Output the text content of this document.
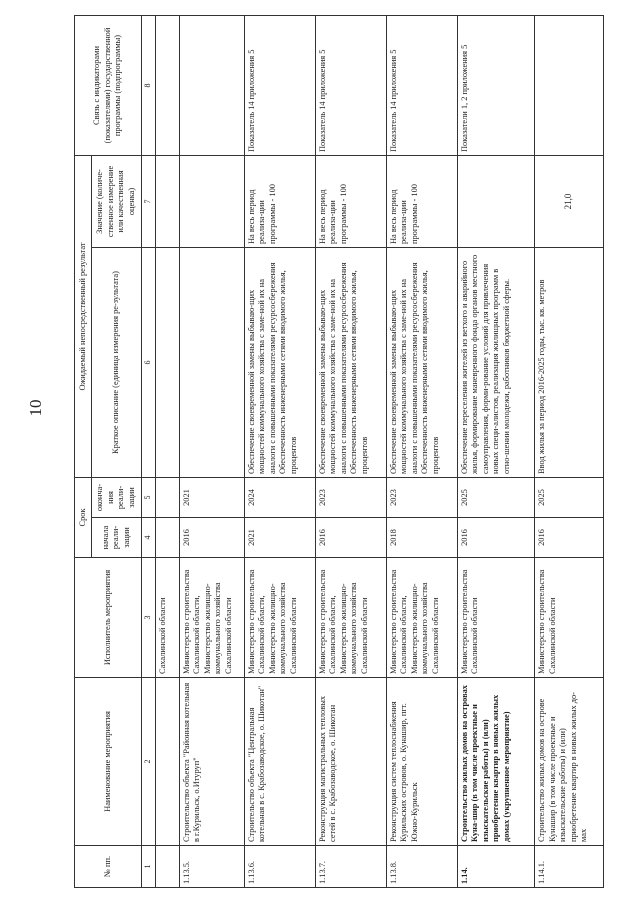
10
№ пп.	Наименование мероприятия	Исполнитель мероприятия	Срок		Ожидаемый непосредственный результат		Связь с индикаторами (показателями) государственной программы (подпрограммы)
			начала реали-зации	оконча-ния реали-зации	Краткое описание (единица измерения ре-зультата)	Значение (количе-ственное измерение или качественная оценка)	
1	2	3	4	5	6	7	8
		Сахалинской области					
1.13.5.	Строительство объекта "Районная котельная в г.Курильск, о.Итуруп"	Министерство строительства Сахалинской области, Министерство жилищно-коммунального хозяйства Сахалинской области	2016	2021			
1.13.6.	Строительство объекта "Центральная котельная в с. Крабозаводское, о. Шикотан"	Министерство строительства Сахалинской области, Министерство жилищно-коммунального хозяйства Сахалинской области	2021	2024	Обеспечение своевременной замены выбываю-щих мощностей коммунального хозяйства с заме-ной их на аналоги с повышенными показателями ресурсосбережения
Обеспеченность инженерными сетями вводимого жилья, процентов	На весь период реализа-ции программы - 100	Показатель 14 приложения 5
1.13.7.	Реконструкция магистральных тепловых сетей в с. Крабозаводское, о. Шикотан	Министерство строительства Сахалинской области, Министерство жилищно-коммунального хозяйства Сахалинской области	2016	2023	Обеспечение своевременной замены выбываю-щих мощностей коммунального хозяйства с заме-ной их на аналоги с повышенными показателями ресурсосбережения
Обеспеченность инженерными сетями вводимого жилья, процентов	На весь период реализа-ции программы - 100	Показатель 14 приложения 5
1.13.8.	Реконструкция систем теплоснабжения Курильских островов, о. Кунашир, пгт. Южно-Курильск	Министерство строительства Сахалинской области, Министерство жилищно-коммунального хозяйства Сахалинской области	2018	2023	Обеспечение своевременной замены выбываю-щих мощностей коммунального хозяйства с заме-ной их на аналоги с повышенными показателями ресурсосбережения
Обеспеченность инженерными сетями вводимого жилья, процентов	На весь период реализа-ции программы - 100	Показатель 14 приложения 5
1.14.	Строительство жилых домов на островах Куна-шир (в том числе проектные и изыскательские работы) и (или) приобретение квартир в новых жилых домах (укрупненное мероприятие)	Министерство строительства Сахалинской области	2016	2025	Обеспечение переселения жителей из ветхого и аварийного жилья, формирование маневренного фонда органов местного самоуправления, форми-рование условий для привлечения новых специ-алистов, реализация жилищных программ в отно-шении молодежи, работников бюджетной сферы.		Показатели 1, 2 приложения 5
1.14.1.	Строительство жилых домов на острове Кунашир (в том числе проектные и изыскательские работы) и (или) приобретение квартир в новых жилых до-мах	Министерство строительства Сахалинской области	2016	2025	Ввод жилья за период 2016-2025 годы, тыс. кв. метров	21,0	
